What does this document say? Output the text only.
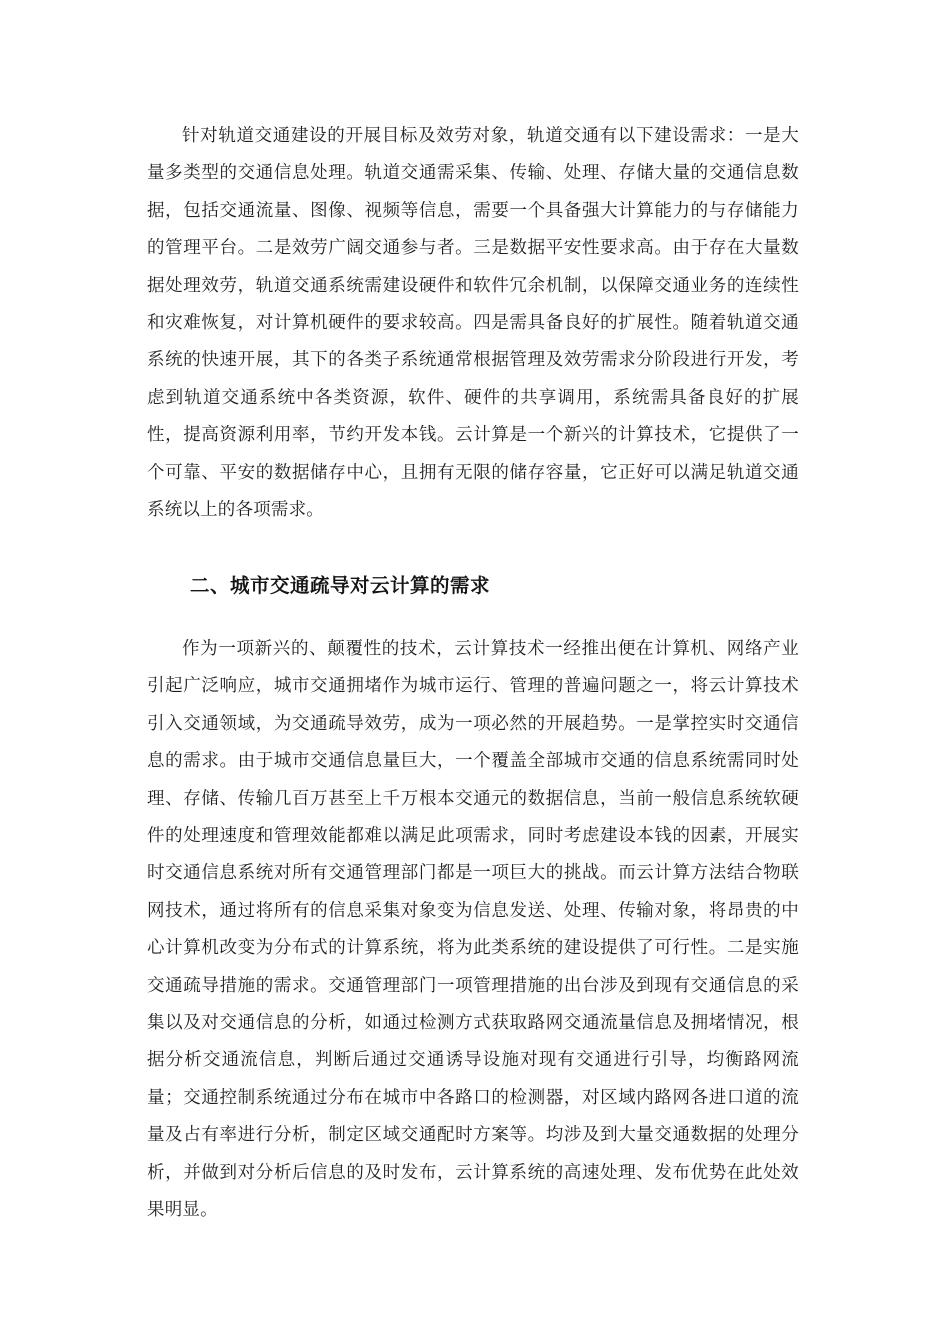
针对轨道交通建设的开展目标及效劳对象，轨道交通有以下建设需求：一是大量多类型的交通信息处理。轨道交通需采集、传输、处理、存储大量的交通信息数据，包括交通流量、图像、视频等信息，需要一个具备强大计算能力的与存储能力的管理平台。二是效劳广阔交通参与者。三是数据平安性要求高。由于存在大量数据处理效劳，轨道交通系统需建设硬件和软件冗余机制，以保障交通业务的连续性和灾难恢复，对计算机硬件的要求较高。四是需具备良好的扩展性。随着轨道交通系统的快速开展，其下的各类子系统通常根据管理及效劳需求分阶段进行开发，考虑到轨道交通系统中各类资源，软件、硬件的共享调用，系统需具备良好的扩展性，提高资源利用率，节约开发本钱。云计算是一个新兴的计算技术，它提供了一个可靠、平安的数据储存中心，且拥有无限的储存容量，它正好可以满足轨道交通系统以上的各项需求。

二、城市交通疏导对云计算的需求

作为一项新兴的、颠覆性的技术，云计算技术一经推出便在计算机、网络产业引起广泛响应，城市交通拥堵作为城市运行、管理的普遍问题之一，将云计算技术引入交通领域，为交通疏导效劳，成为一项必然的开展趋势。一是掌控实时交通信息的需求。由于城市交通信息量巨大，一个覆盖全部城市交通的信息系统需同时处理、存储、传输几百万甚至上千万根本交通元的数据信息，当前一般信息系统软硬件的处理速度和管理效能都难以满足此项需求，同时考虑建设本钱的因素，开展实时交通信息系统对所有交通管理部门都是一项巨大的挑战。而云计算方法结合物联网技术，通过将所有的信息采集对象变为信息发送、处理、传输对象，将昂贵的中心计算机改变为分布式的计算系统，将为此类系统的建设提供了可行性。二是实施交通疏导措施的需求。交通管理部门一项管理措施的出台涉及到现有交通信息的采集以及对交通信息的分析，如通过检测方式获取路网交通流量信息及拥堵情况，根据分析交通流信息，判断后通过交通诱导设施对现有交通进行引导，均衡路网流量；交通控制系统通过分布在城市中各路口的检测器，对区域内路网各进口道的流量及占有率进行分析，制定区域交通配时方案等。均涉及到大量交通数据的处理分析，并做到对分析后信息的及时发布，云计算系统的高速处理、发布优势在此处效果明显。
